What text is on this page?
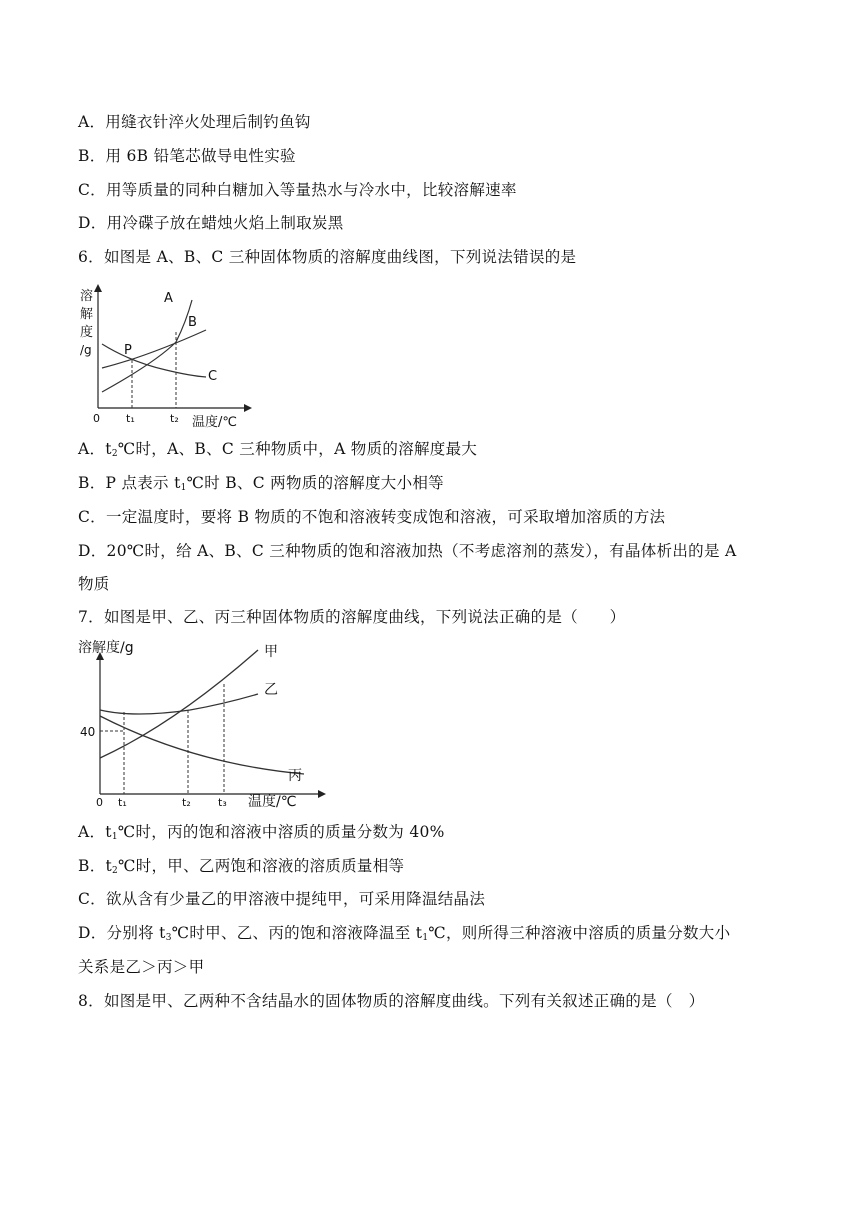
A．用缝衣针淬火处理后制钓鱼钩
B．用 6B 铅笔芯做导电性实验
C．用等质量的同种白糖加入等量热水与冷水中，比较溶解速率
D．用冷碟子放在蜡烛火焰上制取炭黑
6．如图是 A、B、C 三种固体物质的溶解度曲线图，下列说法错误的是
溶
解
度
/g
0 t₁	t₂ 温度/℃
A
B
C
P
A．$t_2℃$时，A、B、C 三种物质中，A 物质的溶解度最大
B．P 点表示 $t_1℃$时 B、C 两物质的溶解度大小相等
C．一定温度时，要将 B 物质的不饱和溶液转变成饱和溶液，可采取增加溶质的方法
D．20℃时，给 A、B、C 三种物质的饱和溶液加热（不考虑溶剂的蒸发），有晶体析出的是 A
物质
7．如图是甲、乙、丙三种固体物质的溶解度曲线，下列说法正确的是（　　）
溶解度/g
40
0 t₁	t₂ t₃ 温度/℃
甲
乙
丙
A．$t_1℃$时，丙的饱和溶液中溶质的质量分数为 40%
B．$t_2℃$时，甲、乙两饱和溶液的溶质质量相等
C．欲从含有少量乙的甲溶液中提纯甲，可采用降温结晶法
D．分别将 $t_3℃$时甲、乙、丙的饱和溶液降温至 $t_1℃$，则所得三种溶液中溶质的质量分数大小
关系是乙＞丙＞甲
8．如图是甲、乙两种不含结晶水的固体物质的溶解度曲线。下列有关叙述正确的是（　）
